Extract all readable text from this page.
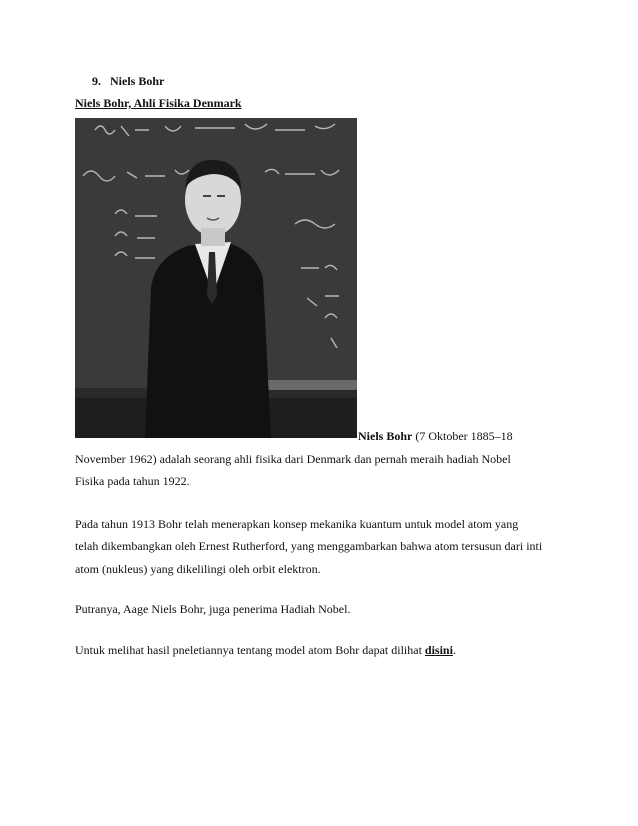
9. Niels Bohr
Niels Bohr, Ahli Fisika Denmark
Niels Bohr (7 Oktober 1885–18
November 1962) adalah seorang ahli fisika dari Denmark dan pernah meraih hadiah Nobel
Fisika pada tahun 1922.
Pada tahun 1913 Bohr telah menerapkan konsep mekanika kuantum untuk model atom yang
telah dikembangkan oleh Ernest Rutherford, yang menggambarkan bahwa atom tersusun dari inti
atom (nukleus) yang dikelilingi oleh orbit elektron.
Putranya, Aage Niels Bohr, juga penerima Hadiah Nobel.
Untuk melihat hasil pneletiannya tentang model atom Bohr dapat dilihat disini.
